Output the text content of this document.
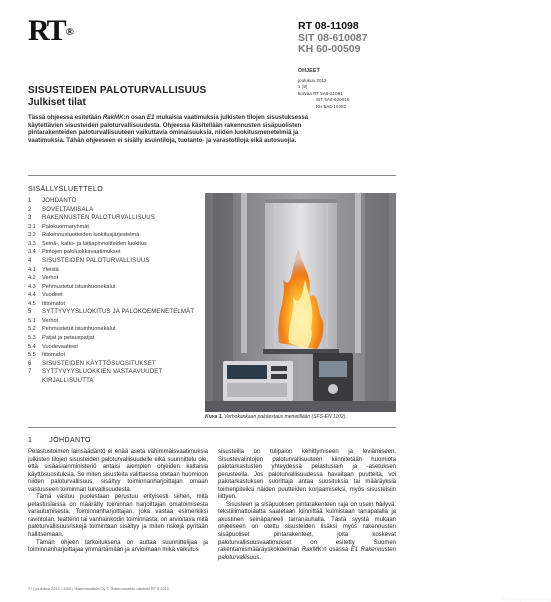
RT®	RT 08-11098
SIT 08-610087
KH 60-00509
OHJEET
joulukuu 2012
1 (9)
korvaa RT 5A6-21081
SIT 5A6-620016
KH 5A6-10282
SISUSTEIDEN PALOTURVALLISUUS
Julkiset tilat

Tässä ohjeessa esitetään RakMK:n osan E1 mukaisia vaatimuksia julkisten tilojen sisustuksessa käytettävien sisusteiden paloturvallisuudesta. Ohjeessa käsitellään rakennusten sisäpuolisten pintarakenteiden paloturvallisuuteen vaikuttavia ominaisuuksia, niiden luokitusmenetelmiä ja vaatimuksia. Tähän ohjeeseen ei sisälly asuintiloja, tuotanto- ja varastotiloja eikä autosuojia.

SISÄLLYSLUETTELO
1	JOHDANTO
2	SOVELTAMISALA
3	RAKENNUSTEN PALOTURVALLISUUS
3.1	Palokuormaryhmät
3.2	Rakennustuotteiden luokitusjärjestelmä
3.3	Seinä-, katto- ja lattiapinnoitteiden luokitus
3.4	Pintojen paloluokkavaatimukset
4	SISUSTEIDEN PALOTURVALLISUUS
4.1	Yleistä
4.2	Verhot
4.3	Pehmustetut istuinhuonekalut
4.4	Vuodeet
4.5	Ititomatot
5	SYTTYVYYSLUOKITUS JA PALOKOEMENETELMÄT
5.1	Verhot
5.2	Pehmustetut istuinhuonekalut
5.3	Patjat ja petauspatjat
5.4	Vuodevaatteet
5.5	Ititomatot
6	SISUSTEIDEN KÄYTTÖSUOSITUKSET
7	SYTTYVYYSLUOKKIEN VASTAAVUUDET
KIRJALLISUUTTA
© VTT Expert Services Oy

Kuva 1. Verhokankaan palotestaus menetillään (SFS-EN 1102).

1 JOHDANTO

Pelastustoimen lainsäädäntö ei enää aseta vähimmäisvaatimuksia julkisten tilojen sisusteiden paloturvallisuudelle eikä suunnittelu ole, että sisäasiainministeriö antaisi aiempien ohjeiden kaltaisia käyttösuosituksia. Se miten sisusteita valittaessa otetaan huomioon niiden paloturvallisuus, sisältyy toiminnanharjoittajan omaan vastuuseen toiminnan turvallisuudesta.

Tämä vastuu puolestaan perustuu erityisesti siihen, mitä pelastuslaissa on määrätty toiminnan harjoittajan omatoimisesta varautumisesta. Toiminnanharjoittajan, joka vastaa esimerkiksi ravintolan, teatterin tai vanhainkodin toiminnasta, on arvioitava mitä paloturvallisuusriskejä toimintaan sisältyy ja miten riskejä pyritään hallitsemaan.

Tämän ohjeen tarkoituksena on auttaa suunnittelijaa ja toiminnanharjoittajaa ymmärtämään ja arvioimaan mikä vaikutus

sisusteilla on tulipalon kehittymiseen ja leviämiseen. Sisustevalintojen paloturvallisuuteen kiinnitetään huomiota palotarkastusten yhteydessä pelastuslain ja -asetuksen perusteella. Jos paloturvallisuudessa havaitaan puutteita, voi palotarkastuksen suorittaja antaa suosituksia tai määräyksiä toimenpiteiksi näiden puutteiden korjaamiseksi, myös sisusteisiin liittyen.

Sisusteen ja sisäpuolisen pintarakenteen raja on usein häilyvä: tekstiilimattoiaatta saatetaan kiinnittää kulmistaan tarrapalalla ja akustinen seinäpaneeli tarranauhalla. Tästä syystä mukaan ohjeeseen on otettu sisusteiden lisäksi myös rakennusten sisäpuoliset pintarakenteet, joita koskevat paloturvallisuusvaatimukset on esitetty Suomen rakentamismääräyskokoelman RakMK:n osassa E1 Rakennusten paloturvallisuus.

77 | joulukuu 2012 / 1100 | Rakennustieto Oy © Rakennustieto oikeidet RT 5 2012
